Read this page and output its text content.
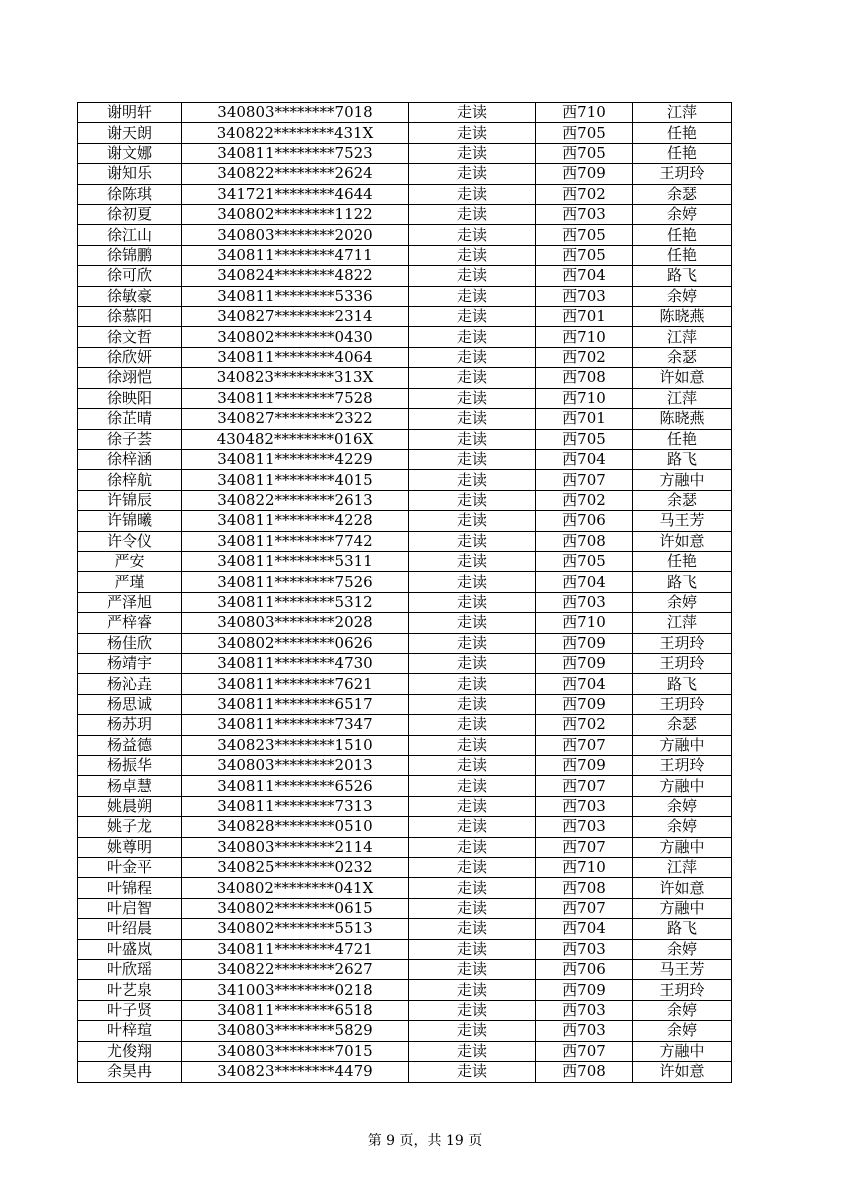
谢明轩	340803********7018	走读	西710	江萍
谢天朗	340822********431X	走读	西705	任艳
谢文娜	340811********7523	走读	西705	任艳
谢知乐	340822********2624	走读	西709	王玥玲
徐陈琪	341721********4644	走读	西702	余瑟
徐初夏	340802********1122	走读	西703	余婷
徐江山	340803********2020	走读	西705	任艳
徐锦鹏	340811********4711	走读	西705	任艳
徐可欣	340824********4822	走读	西704	路飞
徐敏豪	340811********5336	走读	西703	余婷
徐慕阳	340827********2314	走读	西701	陈晓燕
徐文哲	340802********0430	走读	西710	江萍
徐欣妍	340811********4064	走读	西702	余瑟
徐翊恺	340823********313X	走读	西708	许如意
徐映阳	340811********7528	走读	西710	江萍
徐芷晴	340827********2322	走读	西701	陈晓燕
徐子荟	430482********016X	走读	西705	任艳
徐梓涵	340811********4229	走读	西704	路飞
徐梓航	340811********4015	走读	西707	方融中
许锦辰	340822********2613	走读	西702	余瑟
许锦曦	340811********4228	走读	西706	马王芳
许令仪	340811********7742	走读	西708	许如意
严安	340811********5311	走读	西705	任艳
严瑾	340811********7526	走读	西704	路飞
严泽旭	340811********5312	走读	西703	余婷
严梓睿	340803********2028	走读	西710	江萍
杨佳欣	340802********0626	走读	西709	王玥玲
杨靖宇	340811********4730	走读	西709	王玥玲
杨沁垚	340811********7621	走读	西704	路飞
杨思诚	340811********6517	走读	西709	王玥玲
杨苏玥	340811********7347	走读	西702	余瑟
杨益德	340823********1510	走读	西707	方融中
杨振华	340803********2013	走读	西709	王玥玲
杨卓慧	340811********6526	走读	西707	方融中
姚晨朔	340811********7313	走读	西703	余婷
姚子龙	340828********0510	走读	西703	余婷
姚尊明	340803********2114	走读	西707	方融中
叶金平	340825********0232	走读	西710	江萍
叶锦程	340802********041X	走读	西708	许如意
叶启智	340802********0615	走读	西707	方融中
叶绍晨	340802********5513	走读	西704	路飞
叶盛岚	340811********4721	走读	西703	余婷
叶欣瑶	340822********2627	走读	西706	马王芳
叶艺泉	341003********0218	走读	西709	王玥玲
叶子贤	340811********6518	走读	西703	余婷
叶梓瑄	340803********5829	走读	西703	余婷
尤俊翔	340803********7015	走读	西707	方融中
余昊冉	340823********4479	走读	西708	许如意
第 9 页，共 19 页
